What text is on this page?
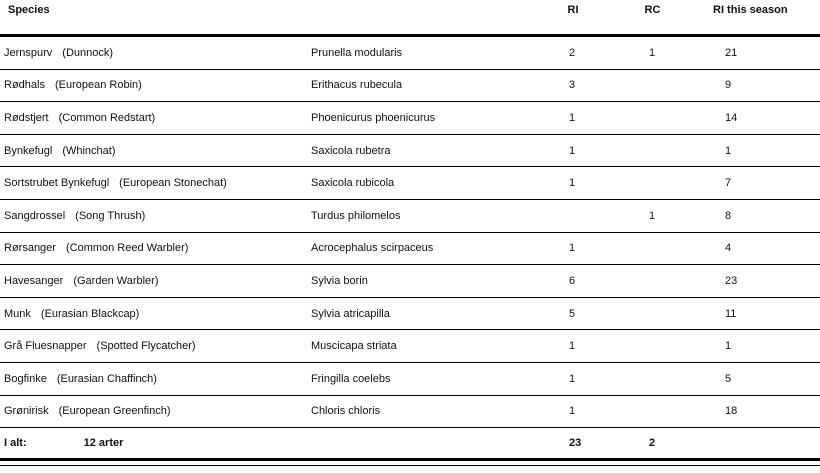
Species		RI	RC	RI this season
Jernspurv (Dunnock)	Prunella modularis	2	1	21
Rødhals (European Robin)	Erithacus rubecula	3		9
Rødstjert (Common Redstart)	Phoenicurus phoenicurus	1		14
Bynkefugl (Whinchat)	Saxicola rubetra	1		1
Sortstrubet Bynkefugl (European Stonechat)	Saxicola rubicola	1		7
Sangdrossel (Song Thrush)	Turdus philomelos		1	8
Rørsanger (Common Reed Warbler)	Acrocephalus scirpaceus	1		4
Havesanger (Garden Warbler)	Sylvia borin	6		23
Munk (Eurasian Blackcap)	Sylvia atricapilla	5		11
Grå Fluesnapper (Spotted Flycatcher)	Muscicapa striata	1		1
Bogfinke (Eurasian Chaffinch)	Fringilla coelebs	1		5
Grønirisk (European Greenfinch)	Chloris chloris	1		18
I alt: 12 arter		23	2	
